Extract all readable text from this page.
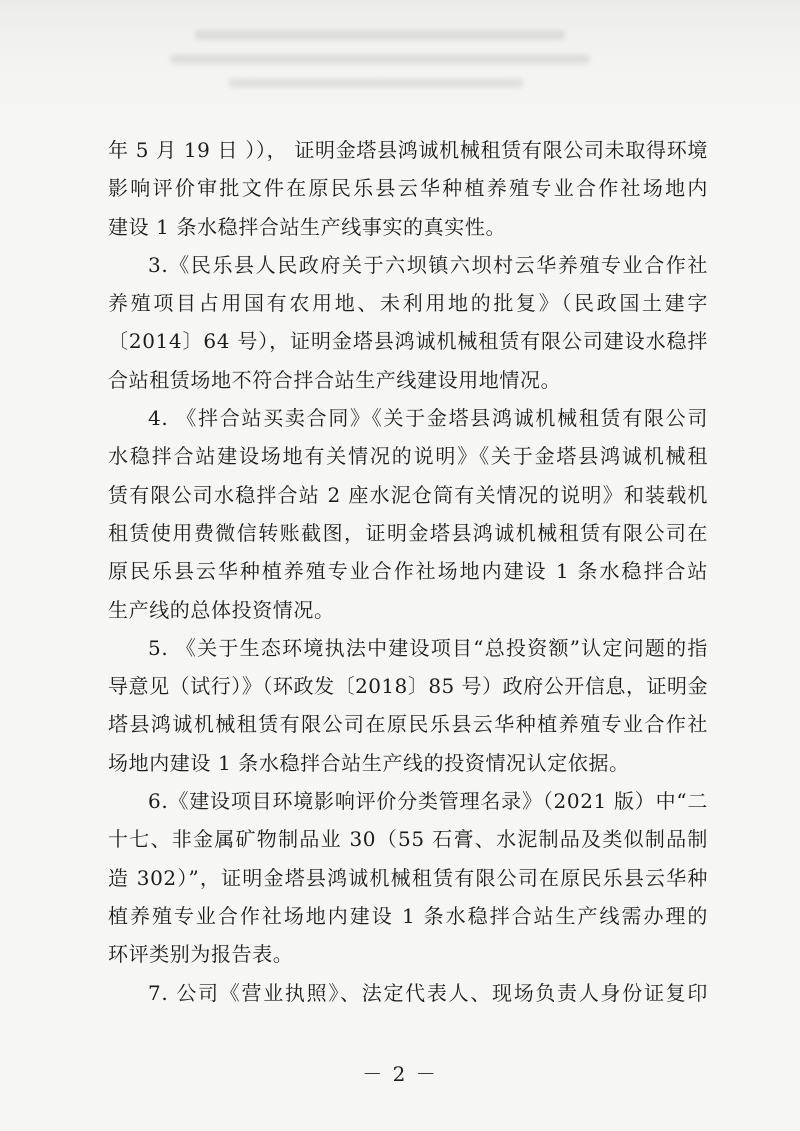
年 5 月 19 日 ））， 证明金塔县鸿诚机械租赁有限公司未取得环境

影响评价审批文件在原民乐县云华种植养殖专业合作社场地内

建设 1 条水稳拌合站生产线事实的真实性。

3.《民乐县人民政府关于六坝镇六坝村云华养殖专业合作社

养殖项目占用国有农用地、未利用地的批复》（民政国土建字

〔2014〕64 号），证明金塔县鸿诚机械租赁有限公司建设水稳拌

合站租赁场地不符合拌合站生产线建设用地情况。

4. 《拌合站买卖合同》《关于金塔县鸿诚机械租赁有限公司

水稳拌合站建设场地有关情况的说明》《关于金塔县鸿诚机械租

赁有限公司水稳拌合站 2 座水泥仓筒有关情况的说明》和装载机

租赁使用费微信转账截图，证明金塔县鸿诚机械租赁有限公司在

原民乐县云华种植养殖专业合作社场地内建设 1 条水稳拌合站

生产线的总体投资情况。

5. 《关于生态环境执法中建设项目“总投资额”认定问题的指

导意见（试行）》（环政发〔2018〕85 号）政府公开信息，证明金

塔县鸿诚机械租赁有限公司在原民乐县云华种植养殖专业合作社

场地内建设 1 条水稳拌合站生产线的投资情况认定依据。

6.《建设项目环境影响评价分类管理名录》（2021 版）中“二

十七、非金属矿物制品业 30（55 石膏、水泥制品及类似制品制

造 302）”，证明金塔县鸿诚机械租赁有限公司在原民乐县云华种

植养殖专业合作社场地内建设 1 条水稳拌合站生产线需办理的

环评类别为报告表。

7. 公司《营业执照》、法定代表人、现场负责人身份证复印

－ 2 －
